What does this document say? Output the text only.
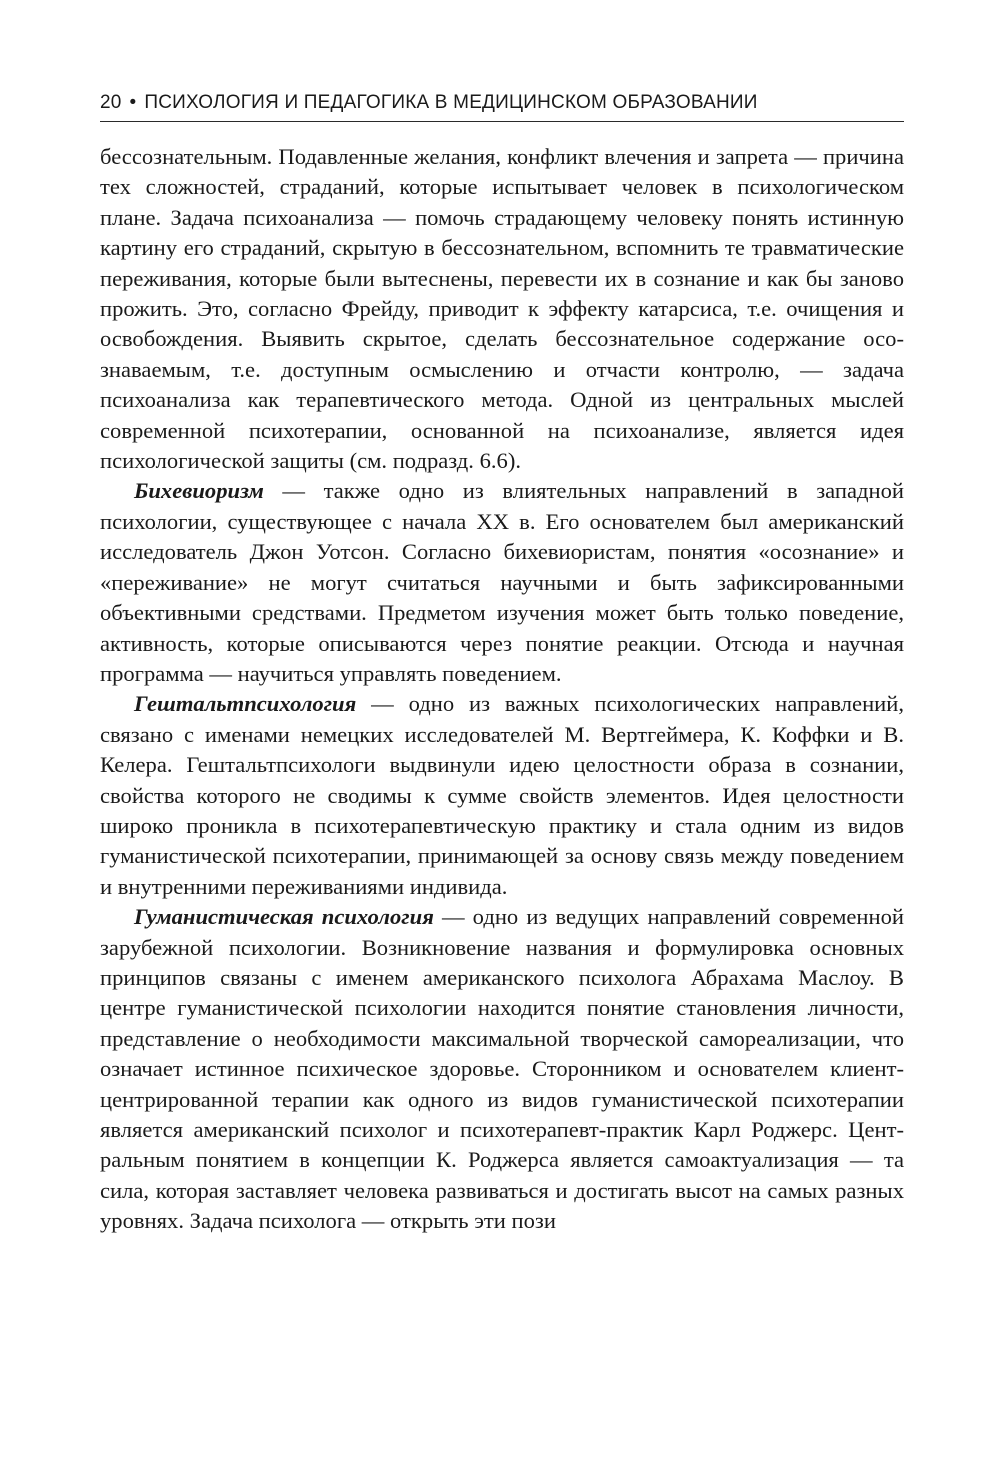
20 • ПСИХОЛОГИЯ И ПЕДАГОГИКА В МЕДИЦИНСКОМ ОБРАЗОВАНИИ

бессознательным. Подавленные желания, конфликт влечения и запрета — причина тех сложностей, страданий, которые испытывает человек в психологическом плане. Задача психоанализа — помочь страдающему человеку понять истинную картину его страданий, скрытую в бессознательном, вспомнить те травматические переживания, которые были вытеснены, перевести их в сознание и как бы заново прожить. Это, согласно Фрейду, приводит к эффекту катарсиса, т.е. очищения и освобождения. Выявить скрытое, сделать бессознательное содержание осознаваемым, т.е. доступным осмыслению и отчасти контролю, — задача психоанализа как терапевтического метода. Одной из центральных мыслей современной психотерапии, основанной на психоанализе, является идея психологической защиты (см. подразд. 6.6).

Бихевиоризм — также одно из влиятельных направлений в западной психологии, существующее с начала XX в. Его основателем был американский исследователь Джон Уотсон. Согласно бихевиористам, понятия «осознание» и «переживание» не могут считаться научными и быть зафиксированными объективными средствами. Предметом изучения может быть только поведение, активность, которые описываются через понятие реакции. Отсюда и научная программа — научиться управлять поведением.

Гештальтпсихология — одно из важных психологических направлений, связано с именами немецких исследователей М. Вертгеймера, К. Коффки и В. Келера. Гештальтпсихологи выдвинули идею целостности образа в сознании, свойства которого не сводимы к сумме свойств элементов. Идея целостности широко проникла в психотерапевтическую практику и стала одним из видов гуманистической психотерапии, принимающей за основу связь между поведением и внутренними переживаниями индивида.

Гуманистическая психология — одно из ведущих направлений современной зарубежной психологии. Возникновение названия и формулировка основных принципов связаны с именем американского психолога Абрахама Маслоу. В центре гуманистической психологии находится понятие становления личности, представление о необходимости максимальной творческой самореализации, что означает истинное психическое здоровье. Сторонником и основателем клиент-центрированной терапии как одного из видов гуманистической психотерапии является американский психолог и психотерапевт-практик Карл Роджерс. Центральным понятием в концепции К. Роджерса является самоактуализация — та сила, которая заставляет человека развиваться и достигать высот на самых разных уровнях. Задача психолога — открыть эти пози
